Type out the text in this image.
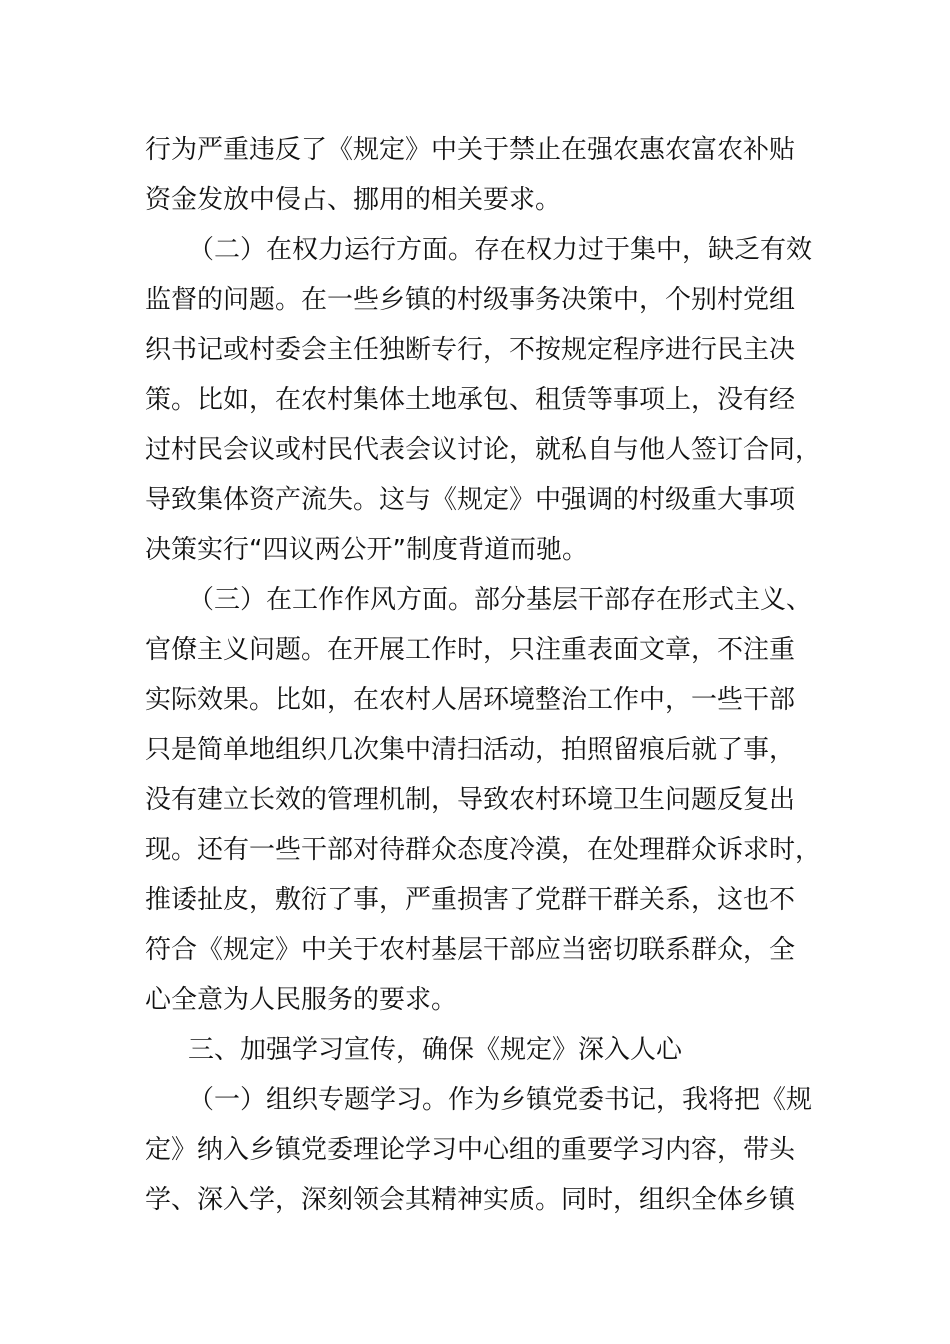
行为严重违反了《规定》中关于禁止在强农惠农富农补贴
资金发放中侵占、挪用的相关要求。
（二）在权力运行方面。存在权力过于集中，缺乏有效
监督的问题。在一些乡镇的村级事务决策中，个别村党组
织书记或村委会主任独断专行，不按规定程序进行民主决
策。比如，在农村集体土地承包、租赁等事项上，没有经
过村民会议或村民代表会议讨论，就私自与他人签订合同，
导致集体资产流失。这与《规定》中强调的村级重大事项
决策实行“四议两公开”制度背道而驰。
（三）在工作作风方面。部分基层干部存在形式主义、
官僚主义问题。在开展工作时，只注重表面文章，不注重
实际效果。比如，在农村人居环境整治工作中，一些干部
只是简单地组织几次集中清扫活动，拍照留痕后就了事，
没有建立长效的管理机制，导致农村环境卫生问题反复出
现。还有一些干部对待群众态度冷漠，在处理群众诉求时，
推诿扯皮，敷衍了事，严重损害了党群干群关系，这也不
符合《规定》中关于农村基层干部应当密切联系群众，全
心全意为人民服务的要求。
三、加强学习宣传，确保《规定》深入人心
（一）组织专题学习。作为乡镇党委书记，我将把《规
定》纳入乡镇党委理论学习中心组的重要学习内容，带头
学、深入学，深刻领会其精神实质。同时，组织全体乡镇
